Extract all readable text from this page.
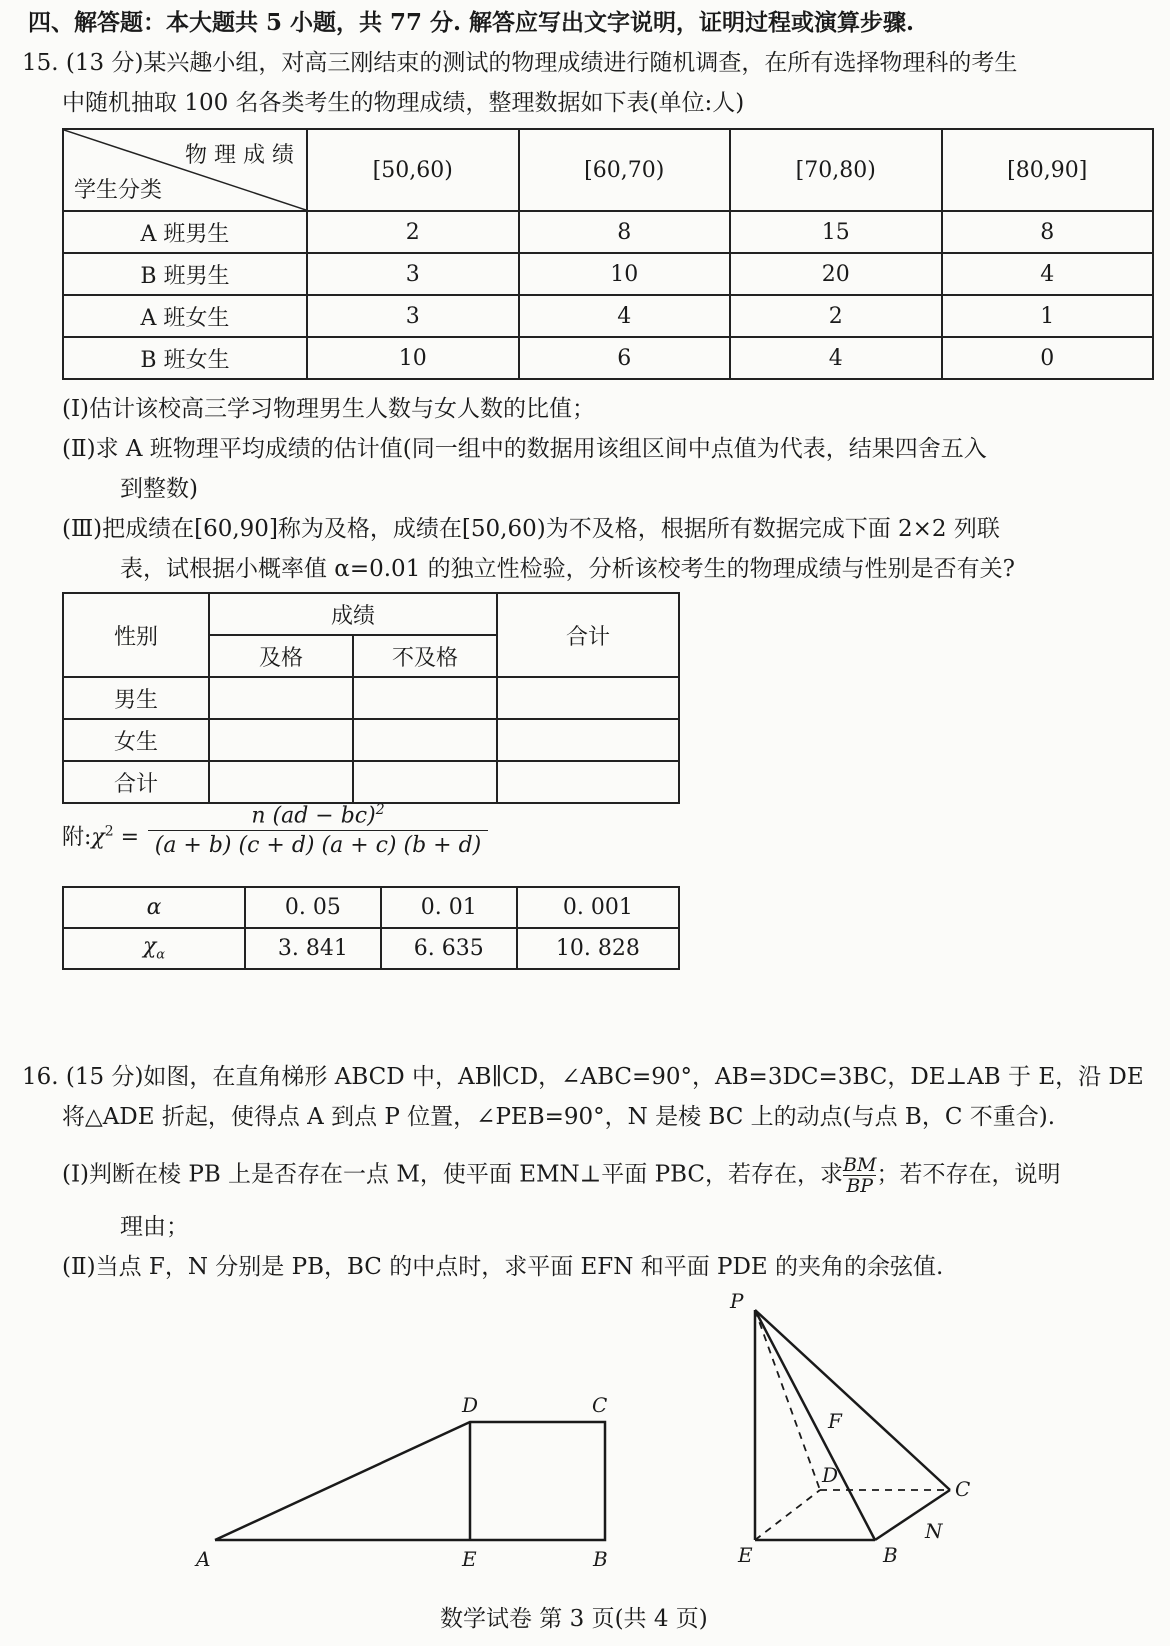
四、解答题：本大题共 5 小题，共 77 分. 解答应写出文字说明，证明过程或演算步骤.
15. (13 分)某兴趣小组，对高三刚结束的测试的物理成绩进行随机调查，在所有选择物理科的考生
中随机抽取 100 名各类考生的物理成绩，整理数据如下表(单位:人)
物 理 成 绩
学生分类	[50,60)	[60,70)	[70,80)	[80,90]
A 班男生	2	8	15	8
B 班男生	3	10	20	4
A 班女生	3	4	2	1
B 班女生	10	6	4	0
(Ⅰ)估计该校高三学习物理男生人数与女人数的比值；
(Ⅱ)求 A 班物理平均成绩的估计值(同一组中的数据用该组区间中点值为代表，结果四舍五入
到整数)
(Ⅲ)把成绩在[60,90]称为及格，成绩在[50,60)为不及格，根据所有数据完成下面 2×2 列联
表，试根据小概率值 α=0.01 的独立性检验，分析该校考生的物理成绩与性别是否有关?
性别	成绩		合计
	及格	不及格	
男生			
女生			
合计			
附$:\chi^2 = \frac{n (ad - bc)^2}{(a + b) (c + d) (a + c) (b + d)}$
α	0. 05	0. 01	0. 001
$\chi_\alpha$	3. 841	6. 635	10. 828
16. (15 分)如图，在直角梯形 ABCD 中，AB∥CD，∠ABC=90°，AB=3DC=3BC，DE⊥AB 于 E，沿 DE
将△ADE 折起，使得点 A 到点 P 位置，∠PEB=90°，N 是棱 BC 上的动点(与点 B，C 不重合).
(Ⅰ)判断在棱 PB 上是否存在一点 M，使平面 EMN⊥平面 PBC，若存在，求 $\frac{BM}{BP}$ ；若不存在，说明
理由；
(Ⅱ)当点 F，N 分别是 PB，BC 的中点时，求平面 EFN 和平面 PDE 的夹角的余弦值.
A	E	B
D	C
P
F
D
C
N
E	B
数学试卷 第 3 页(共 4 页)
